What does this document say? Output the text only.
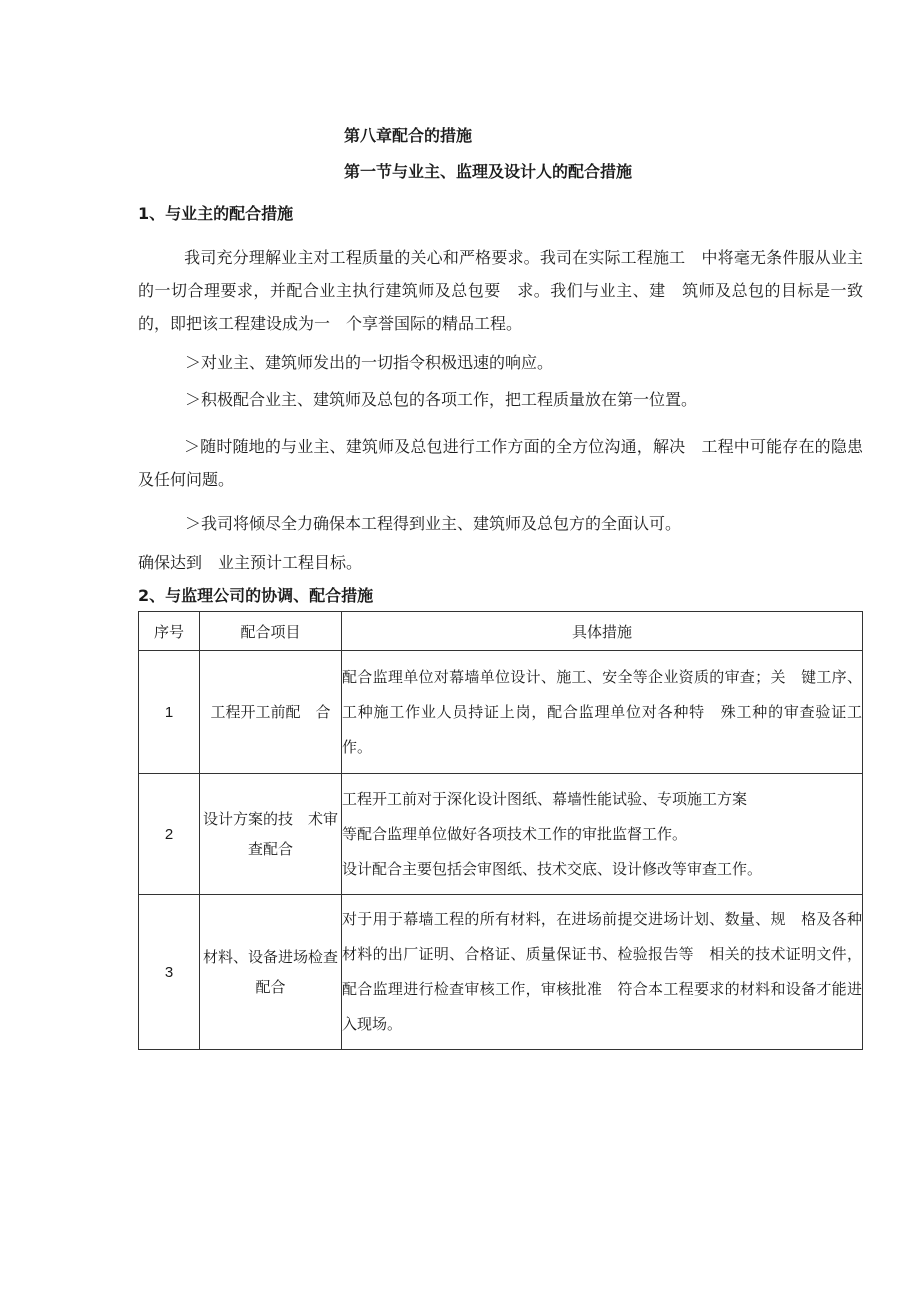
第八章配合的措施
第一节与业主、监理及设计人的配合措施
1、与业主的配合措施
我司充分理解业主对工程质量的关心和严格要求。我司在实际工程施工　中将毫无条件服从业主的一切合理要求，并配合业主执行建筑师及总包要　求。我们与业主、建　筑师及总包的目标是一致的，即把该工程建设成为一　个享誉国际的精品工程。
＞对业主、建筑师发出的一切指令积极迅速的响应。
＞积极配合业主、建筑师及总包的各项工作，把工程质量放在第一位置。
＞随时随地的与业主、建筑师及总包进行工作方面的全方位沟通，解决　工程中可能存在的隐患及任何问题。
＞我司将倾尽全力确保本工程得到业主、建筑师及总包方的全面认可。
确保达到　业主预计工程目标。
2、与监理公司的协调、配合措施
序号	配合项目	具体措施
1	工程开工前配　合	配合监理单位对幕墙单位设计、施工、安全等企业资质的审查；关　键工序、工种施工作业人员持证上岗，配合监理单位对各种特　殊工种的审查验证工作。
2	设计方案的技　术审查配合	工程开工前对于深化设计图纸、幕墙性能试验、专项施工方案
等配合监理单位做好各项技术工作的审批监督工作。
设计配合主要包括会审图纸、技术交底、设计修改等审查工作。

3	材料、设备进场检查配合	对于用于幕墙工程的所有材料，在进场前提交进场计划、数量、规　格及各种材料的出厂证明、合格证、质量保证书、检验报告等　相关的技术证明文件，配合监理进行检查审核工作，审核批准　符合本工程要求的材料和设备才能进入现场。
